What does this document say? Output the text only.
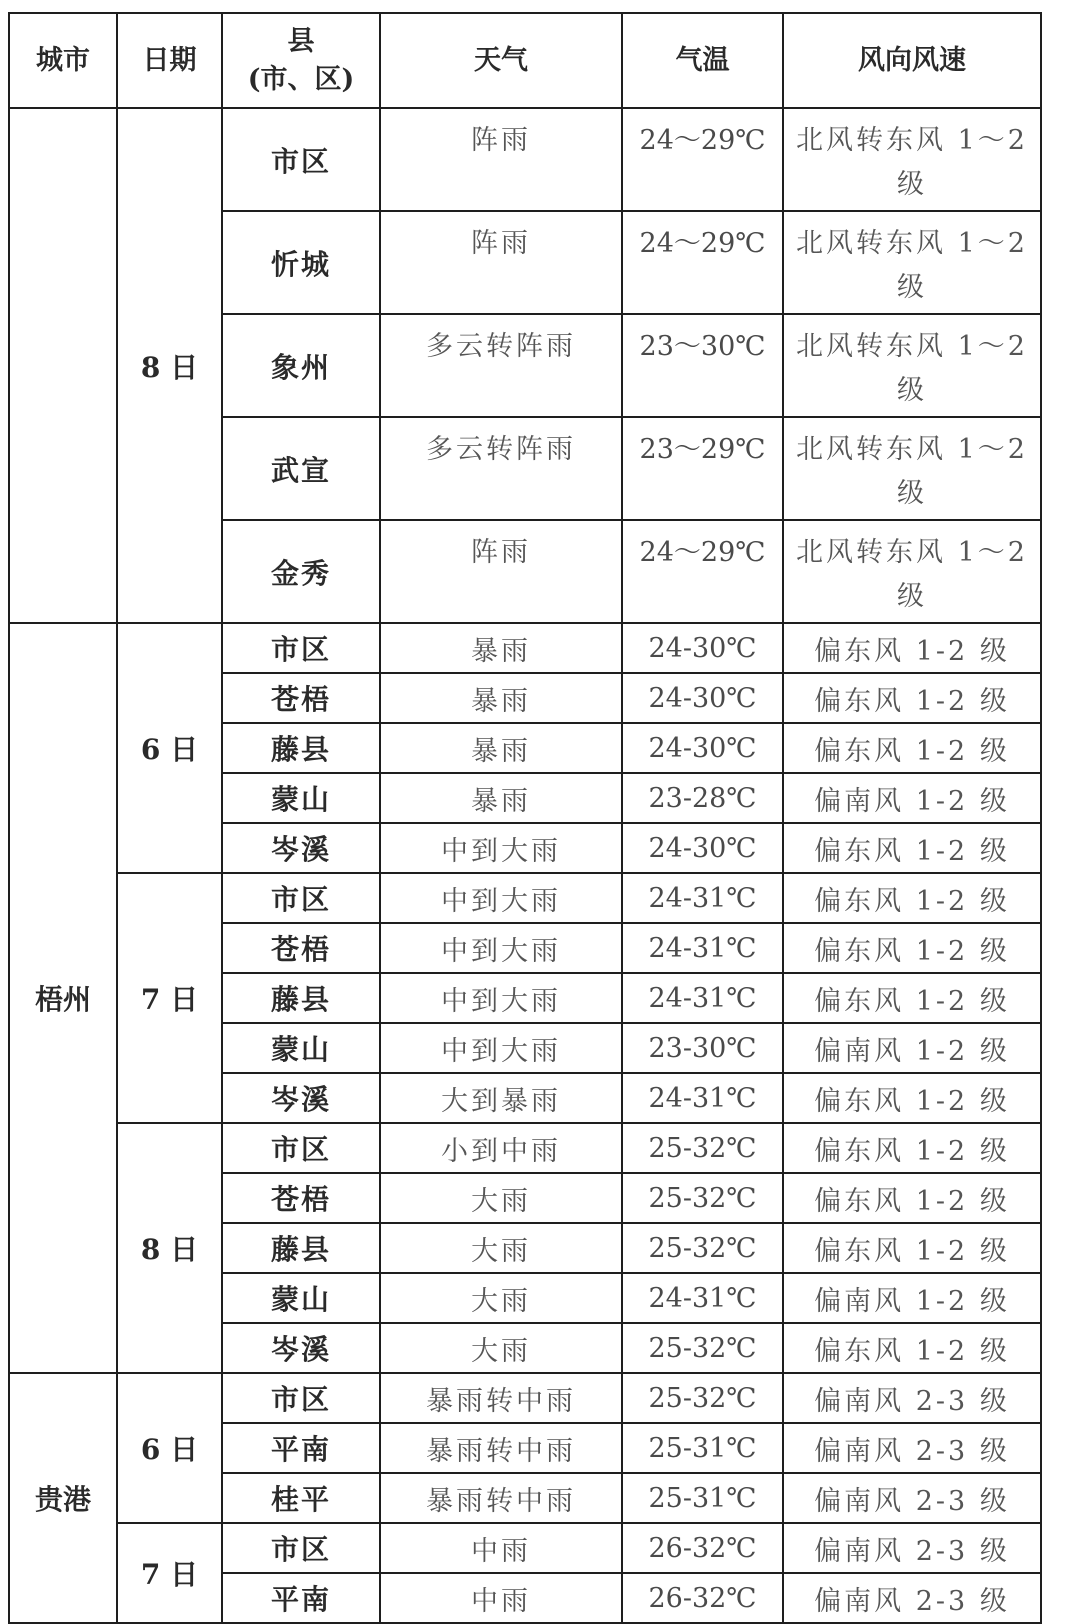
城市	日期	县
(市、区)	天气	气温	风向风速
	8 日	市区	阵雨	24～29℃	北风转东风 1～2级
		忻城	阵雨	24～29℃	北风转东风 1～2级
		象州	多云转阵雨	23～30℃	北风转东风 1～2级
		武宣	多云转阵雨	23～29℃	北风转东风 1～2级
		金秀	阵雨	24～29℃	北风转东风 1～2级
梧州	6 日	市区	暴雨	24-30℃	偏东风 1-2 级
		苍梧	暴雨	24-30℃	偏东风 1-2 级
		藤县	暴雨	24-30℃	偏东风 1-2 级
		蒙山	暴雨	23-28℃	偏南风 1-2 级
		岑溪	中到大雨	24-30℃	偏东风 1-2 级
	7 日	市区	中到大雨	24-31℃	偏东风 1-2 级
		苍梧	中到大雨	24-31℃	偏东风 1-2 级
		藤县	中到大雨	24-31℃	偏东风 1-2 级
		蒙山	中到大雨	23-30℃	偏南风 1-2 级
		岑溪	大到暴雨	24-31℃	偏东风 1-2 级
	8 日	市区	小到中雨	25-32℃	偏东风 1-2 级
		苍梧	大雨	25-32℃	偏东风 1-2 级
		藤县	大雨	25-32℃	偏东风 1-2 级
		蒙山	大雨	24-31℃	偏南风 1-2 级
		岑溪	大雨	25-32℃	偏东风 1-2 级
贵港	6 日	市区	暴雨转中雨	25-32℃	偏南风 2-3 级
		平南	暴雨转中雨	25-31℃	偏南风 2-3 级
		桂平	暴雨转中雨	25-31℃	偏南风 2-3 级
	7 日	市区	中雨	26-32℃	偏南风 2-3 级
		平南	中雨	26-32℃	偏南风 2-3 级
